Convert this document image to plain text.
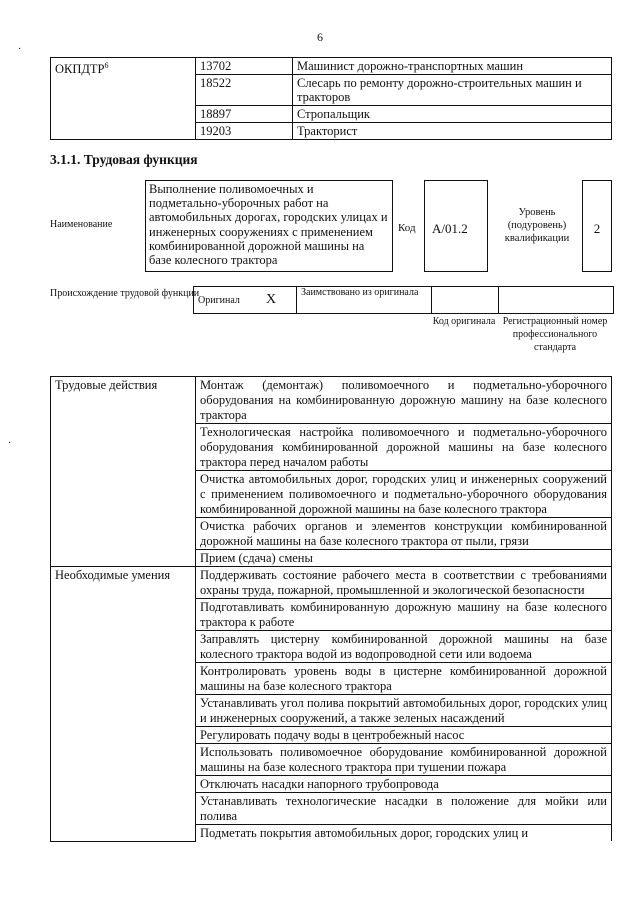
6
·
·
$ОКПДТР^6$	13702	Машинист дорожно-транспортных машин
	18522	Слесарь по ремонту дорожно-строительных машин и тракторов
	18897	Стропальщик
	19203	Тракторист
3.1.1. Трудовая функция
Наименование
Выполнение поливомоечных и подметально-уборочных работ на автомобильных дорогах, городских улицах и инженерных сооружениях с применением комбинированной дорожной машины на базе колесного трактора
Код	А/01.2
Уровень (подуровень) квалификации
2
Происхождение трудовой функции
Оригинал	X	Заимствовано из оригинала		
Код оригинала Регистрационный номер профессионального стандарта
Трудовые действия	Монтаж (демонтаж) поливомоечного и подметально-уборочного оборудования на комбинированную дорожную машину на базе колесного трактора
	Технологическая настройка поливомоечного и подметально-уборочного оборудования комбинированной дорожной машины на базе колесного трактора перед началом работы
	Очистка автомобильных дорог, городских улиц и инженерных сооружений с применением поливомоечного и подметально-уборочного оборудования комбинированной дорожной машины на базе колесного трактора
	Очистка рабочих органов и элементов конструкции комбинированной дорожной машины на базе колесного трактора от пыли, грязи
	Прием (сдача) смены
Необходимые умения	Поддерживать состояние рабочего места в соответствии с требованиями охраны труда, пожарной, промышленной и экологической безопасности
	Подготавливать комбинированную дорожную машину на базе колесного трактора к работе
	Заправлять цистерну комбинированной дорожной машины на базе колесного трактора водой из водопроводной сети или водоема
	Контролировать уровень воды в цистерне комбинированной дорожной машины на базе колесного трактора
	Устанавливать угол полива покрытий автомобильных дорог, городских улиц и инженерных сооружений, а также зеленых насаждений
	Регулировать подачу воды в центробежный насос
	Использовать поливомоечное оборудование комбинированной дорожной машины на базе колесного трактора при тушении пожара
	Отключать насадки напорного трубопровода
	Устанавливать технологические насадки в положение для мойки или полива
	Подметать покрытия автомобильных дорог, городских улиц и
